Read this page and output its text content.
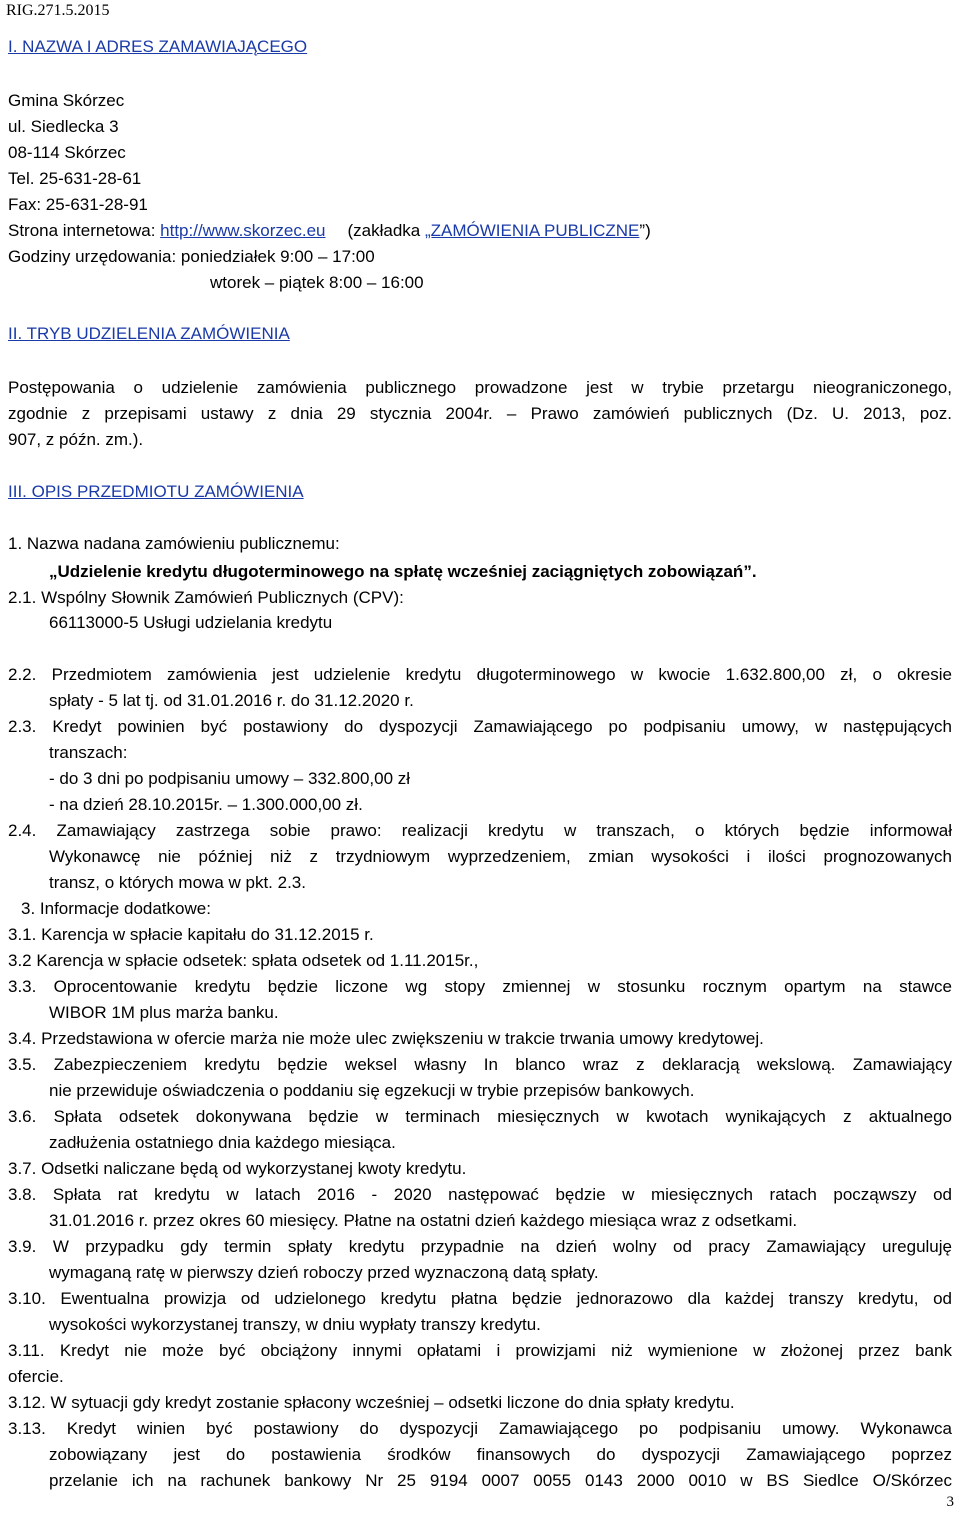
RIG.271.5.2015
I. NAZWA I ADRES ZAMAWIAJĄCEGO
Gmina Skórzec
ul. Siedlecka 3
08-114 Skórzec
Tel. 25-631-28-61
Fax: 25-631-28-91
Strona internetowa: http://www.skorzec.eu (zakładka „ZAMÓWIENIA PUBLICZNE”)
Godziny urzędowania: poniedziałek 9:00 – 17:00
wtorek – piątek 8:00 – 16:00
II. TRYB UDZIELENIA ZAMÓWIENIA
Postępowania o udzielenie zamówienia publicznego prowadzone jest w trybie przetargu nieograniczonego,
zgodnie z przepisami ustawy z dnia 29 stycznia 2004r. – Prawo zamówień publicznych (Dz. U. 2013, poz.
907, z późn. zm.).
III. OPIS PRZEDMIOTU ZAMÓWIENIA
1. Nazwa nadana zamówieniu publicznemu:
„Udzielenie kredytu długoterminowego na spłatę wcześniej zaciągniętych zobowiązań”.
2.1. Wspólny Słownik Zamówień Publicznych (CPV):
66113000-5 Usługi udzielania kredytu
2.2. Przedmiotem zamówienia jest udzielenie kredytu długoterminowego w kwocie 1.632.800,00 zł, o okresie
spłaty - 5 lat tj. od 31.01.2016 r. do 31.12.2020 r.
2.3. Kredyt powinien być postawiony do dyspozycji Zamawiającego po podpisaniu umowy, w następujących
transzach:
- do 3 dni po podpisaniu umowy – 332.800,00 zł
- na dzień 28.10.2015r. – 1.300.000,00 zł.
2.4. Zamawiający zastrzega sobie prawo: realizacji kredytu w transzach, o których będzie informował
Wykonawcę nie później niż z trzydniowym wyprzedzeniem, zmian wysokości i ilości prognozowanych
transz, o których mowa w pkt. 2.3.
3. Informacje dodatkowe:
3.1. Karencja w spłacie kapitału do 31.12.2015 r.
3.2 Karencja w spłacie odsetek: spłata odsetek od 1.11.2015r.,
3.3. Oprocentowanie kredytu będzie liczone wg stopy zmiennej w stosunku rocznym opartym na stawce
WIBOR 1M plus marża banku.
3.4. Przedstawiona w ofercie marża nie może ulec zwiększeniu w trakcie trwania umowy kredytowej.
3.5. Zabezpieczeniem kredytu będzie weksel własny In blanco wraz z deklaracją wekslową. Zamawiający
nie przewiduje oświadczenia o poddaniu się egzekucji w trybie przepisów bankowych.
3.6. Spłata odsetek dokonywana będzie w terminach miesięcznych w kwotach wynikających z aktualnego
zadłużenia ostatniego dnia każdego miesiąca.
3.7. Odsetki naliczane będą od wykorzystanej kwoty kredytu.
3.8. Spłata rat kredytu w latach 2016 - 2020 następować będzie w miesięcznych ratach począwszy od
31.01.2016 r. przez okres 60 miesięcy. Płatne na ostatni dzień każdego miesiąca wraz z odsetkami.
3.9. W przypadku gdy termin spłaty kredytu przypadnie na dzień wolny od pracy Zamawiający ureguluję
wymaganą ratę w pierwszy dzień roboczy przed wyznaczoną datą spłaty.
3.10. Ewentualna prowizja od udzielonego kredytu płatna będzie jednorazowo dla każdej transzy kredytu, od
wysokości wykorzystanej transzy, w dniu wypłaty transzy kredytu.
3.11. Kredyt nie może być obciążony innymi opłatami i prowizjami niż wymienione w złożonej przez bank
ofercie.
3.12. W sytuacji gdy kredyt zostanie spłacony wcześniej – odsetki liczone do dnia spłaty kredytu.
3.13. Kredyt winien być postawiony do dyspozycji Zamawiającego po podpisaniu umowy. Wykonawca
zobowiązany jest do postawienia środków finansowych do dyspozycji Zamawiającego poprzez
przelanie ich na rachunek bankowy Nr 25 9194 0007 0055 0143 2000 0010 w BS Siedlce O/Skórzec
3
